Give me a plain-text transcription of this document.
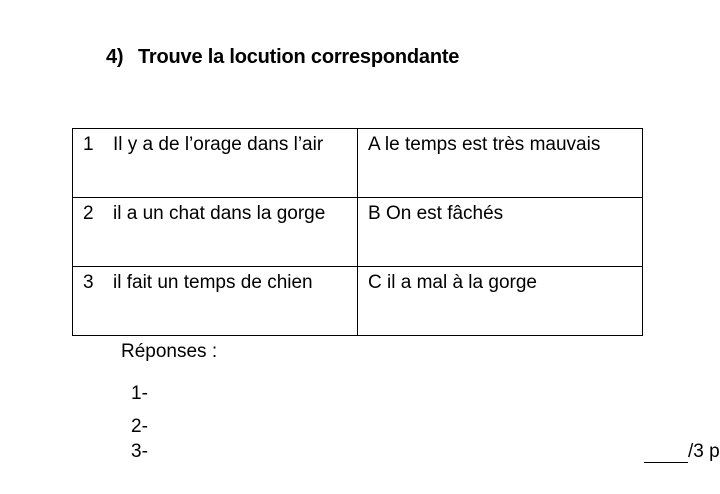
4) Trouve la locution correspondante
1 Il y a de l’orage dans l’air	A le temps est très mauvais
2 il a un chat dans la gorge	B On est fâchés
3 il fait un temps de chien	C il a mal à la gorge
Réponses :
1-
2-
3-	/3 p
